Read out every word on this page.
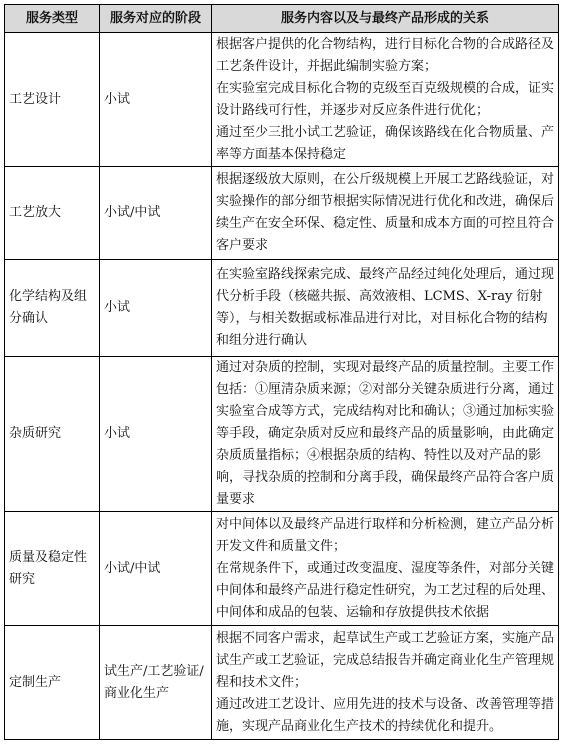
服务类型	服务对应的阶段	服务内容以及与最终产品形成的关系
工艺设计	小试	根据客户提供的化合物结构，进行目标化合物的合成路径及工艺条件设计，并据此编制实验方案；
在实验室完成目标化合物的克级至百克级规模的合成，证实设计路线可行性，并逐步对反应条件进行优化；
通过至少三批小试工艺验证，确保该路线在化合物质量、产率等方面基本保持稳定

工艺放大	小试/中试	根据逐级放大原则，在公斤级规模上开展工艺路线验证，对实验操作的部分细节根据实际情况进行优化和改进，确保后续生产在安全环保、稳定性、质量和成本方面的可控且符合客户要求

化学结构及组分确认	小试	在实验室路线探索完成、最终产品经过纯化处理后，通过现代分析手段（核磁共振、高效液相、LCMS、X-ray 衍射等），与相关数据或标准品进行对比，对目标化合物的结构和组分进行确认

杂质研究	小试	通过对杂质的控制，实现对最终产品的质量控制。主要工作包括：①厘清杂质来源；②对部分关键杂质进行分离，通过实验室合成等方式，完成结构对比和确认；③通过加标实验等手段，确定杂质对反应和最终产品的质量影响，由此确定杂质质量指标；④根据杂质的结构、特性以及对产品的影响，寻找杂质的控制和分离手段，确保最终产品符合客户质量要求

质量及稳定性研究	小试/中试	对中间体以及最终产品进行取样和分析检测，建立产品分析开发文件和质量文件；
在常规条件下，或通过改变温度、湿度等条件，对部分关键中间体和最终产品进行稳定性研究，为工艺过程的后处理、中间体和成品的包装、运输和存放提供技术依据

定制生产	试生产/工艺验证/商业化生产	根据不同客户需求，起草试生产或工艺验证方案，实施产品试生产或工艺验证，完成总结报告并确定商业化生产管理规程和技术文件；
通过改进工艺设计、应用先进的技术与设备、改善管理等措施，实现产品商业化生产技术的持续优化和提升。
